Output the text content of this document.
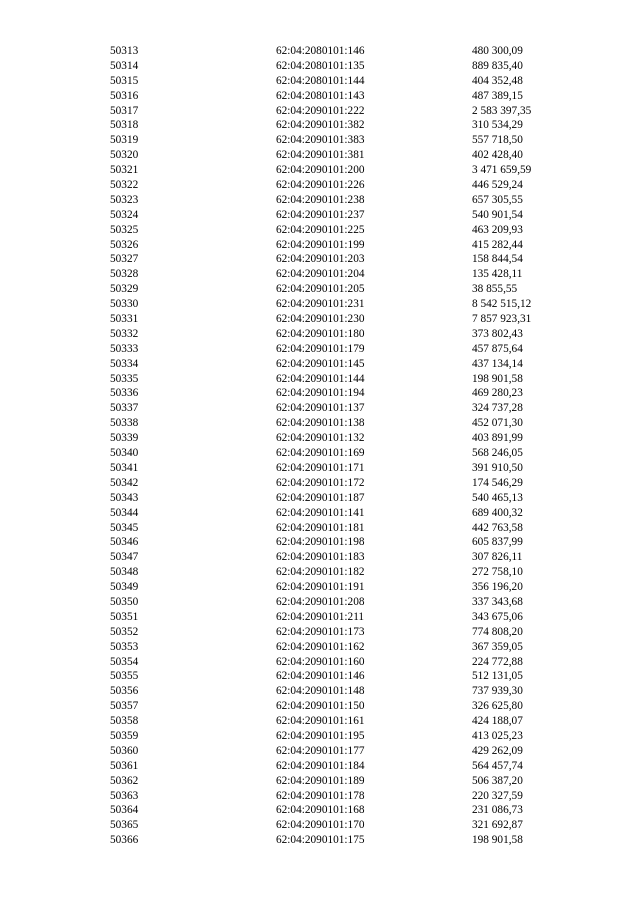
50313	62:04:2080101:146	480 300,09
50314	62:04:2080101:135	889 835,40
50315	62:04:2080101:144	404 352,48
50316	62:04:2080101:143	487 389,15
50317	62:04:2090101:222	2 583 397,35
50318	62:04:2090101:382	310 534,29
50319	62:04:2090101:383	557 718,50
50320	62:04:2090101:381	402 428,40
50321	62:04:2090101:200	3 471 659,59
50322	62:04:2090101:226	446 529,24
50323	62:04:2090101:238	657 305,55
50324	62:04:2090101:237	540 901,54
50325	62:04:2090101:225	463 209,93
50326	62:04:2090101:199	415 282,44
50327	62:04:2090101:203	158 844,54
50328	62:04:2090101:204	135 428,11
50329	62:04:2090101:205	38 855,55
50330	62:04:2090101:231	8 542 515,12
50331	62:04:2090101:230	7 857 923,31
50332	62:04:2090101:180	373 802,43
50333	62:04:2090101:179	457 875,64
50334	62:04:2090101:145	437 134,14
50335	62:04:2090101:144	198 901,58
50336	62:04:2090101:194	469 280,23
50337	62:04:2090101:137	324 737,28
50338	62:04:2090101:138	452 071,30
50339	62:04:2090101:132	403 891,99
50340	62:04:2090101:169	568 246,05
50341	62:04:2090101:171	391 910,50
50342	62:04:2090101:172	174 546,29
50343	62:04:2090101:187	540 465,13
50344	62:04:2090101:141	689 400,32
50345	62:04:2090101:181	442 763,58
50346	62:04:2090101:198	605 837,99
50347	62:04:2090101:183	307 826,11
50348	62:04:2090101:182	272 758,10
50349	62:04:2090101:191	356 196,20
50350	62:04:2090101:208	337 343,68
50351	62:04:2090101:211	343 675,06
50352	62:04:2090101:173	774 808,20
50353	62:04:2090101:162	367 359,05
50354	62:04:2090101:160	224 772,88
50355	62:04:2090101:146	512 131,05
50356	62:04:2090101:148	737 939,30
50357	62:04:2090101:150	326 625,80
50358	62:04:2090101:161	424 188,07
50359	62:04:2090101:195	413 025,23
50360	62:04:2090101:177	429 262,09
50361	62:04:2090101:184	564 457,74
50362	62:04:2090101:189	506 387,20
50363	62:04:2090101:178	220 327,59
50364	62:04:2090101:168	231 086,73
50365	62:04:2090101:170	321 692,87
50366	62:04:2090101:175	198 901,58
